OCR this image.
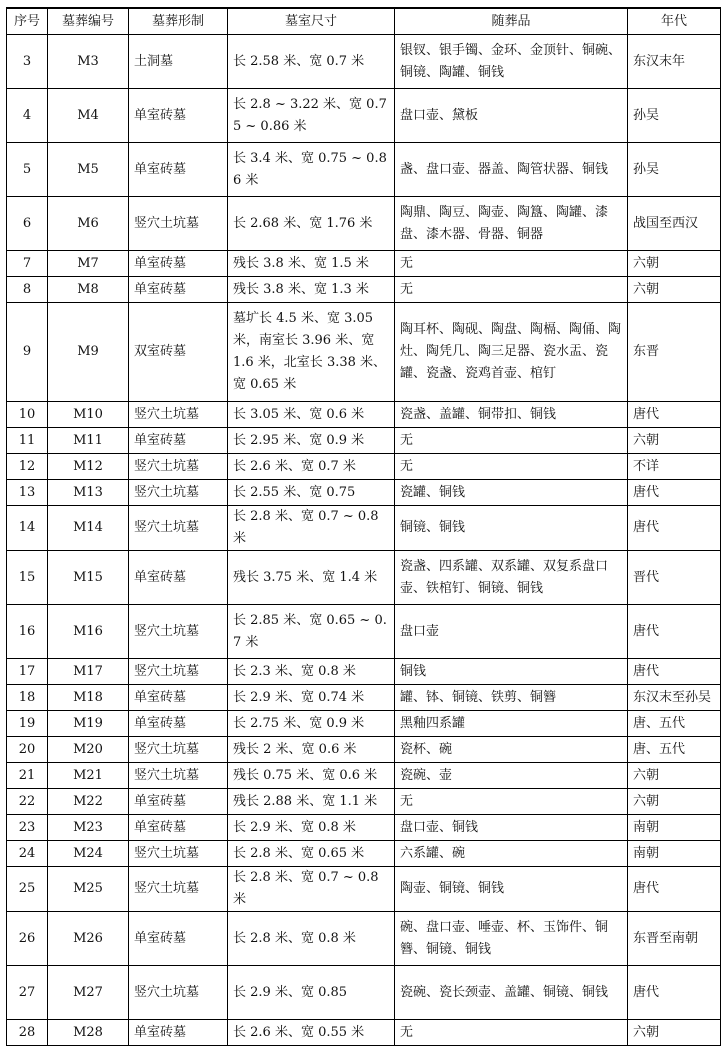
序号	墓葬编号	墓葬形制	墓室尺寸	随葬品	年代
3	M3	土洞墓	长 2.58 米、宽 0.7 米	银钗、银手镯、金环、金顶针、铜碗、铜镜、陶罐、铜钱	东汉末年
4	M4	单室砖墓	长 2.8 ~ 3.22 米、宽 0.75 ~ 0.86 米	盘口壶、黛板	孙吴
5	M5	单室砖墓	长 3.4 米、宽 0.75 ~ 0.86 米	盏、盘口壶、器盖、陶管状器、铜钱	孙吴
6	M6	竖穴土坑墓	长 2.68 米、宽 1.76 米	陶鼎、陶豆、陶壶、陶簋、陶罐、漆盘、漆木器、骨器、铜器	战国至西汉
7	M7	单室砖墓	残长 3.8 米、宽 1.5 米	无	六朝
8	M8	单室砖墓	残长 3.8 米、宽 1.3 米	无	六朝
9	M9	双室砖墓	墓圹长 4.5 米、宽 3.05 米，南室长 3.96 米、宽 1.6 米，北室长 3.38 米、宽 0.65 米	陶耳杯、陶砚、陶盘、陶槅、陶俑、陶灶、陶凭几、陶三足器、瓷水盂、瓷罐、瓷盏、瓷鸡首壶、棺钉	东晋
10	M10	竖穴土坑墓	长 3.05 米、宽 0.6 米	瓷盏、盖罐、铜带扣、铜钱	唐代
11	M11	单室砖墓	长 2.95 米、宽 0.9 米	无	六朝
12	M12	竖穴土坑墓	长 2.6 米、宽 0.7 米	无	不详
13	M13	竖穴土坑墓	长 2.55 米、宽 0.75	瓷罐、铜钱	唐代
14	M14	竖穴土坑墓	长 2.8 米、宽 0.7 ~ 0.8 米	铜镜、铜钱	唐代
15	M15	单室砖墓	残长 3.75 米、宽 1.4 米	瓷盏、四系罐、双系罐、双复系盘口壶、铁棺钉、铜镜、铜钱	晋代
16	M16	竖穴土坑墓	长 2.85 米、宽 0.65 ~ 0.7 米	盘口壶	唐代
17	M17	竖穴土坑墓	长 2.3 米、宽 0.8 米	铜钱	唐代
18	M18	单室砖墓	长 2.9 米、宽 0.74 米	罐、钵、铜镜、铁剪、铜簪	东汉末至孙吴
19	M19	单室砖墓	长 2.75 米、宽 0.9 米	黑釉四系罐	唐、五代
20	M20	竖穴土坑墓	残长 2 米、宽 0.6 米	瓷杯、碗	唐、五代
21	M21	竖穴土坑墓	残长 0.75 米、宽 0.6 米	瓷碗、壶	六朝
22	M22	单室砖墓	残长 2.88 米、宽 1.1 米	无	六朝
23	M23	单室砖墓	长 2.9 米、宽 0.8 米	盘口壶、铜钱	南朝
24	M24	竖穴土坑墓	长 2.8 米、宽 0.65 米	六系罐、碗	南朝
25	M25	竖穴土坑墓	长 2.8 米、宽 0.7 ~ 0.8 米	陶壶、铜镜、铜钱	唐代
26	M26	单室砖墓	长 2.8 米、宽 0.8 米	碗、盘口壶、唾壶、杯、玉饰件、铜簪、铜镜、铜钱	东晋至南朝
27	M27	竖穴土坑墓	长 2.9 米、宽 0.85	瓷碗、瓷长颈壶、盖罐、铜镜、铜钱	唐代
28	M28	单室砖墓	长 2.6 米、宽 0.55 米	无	六朝
